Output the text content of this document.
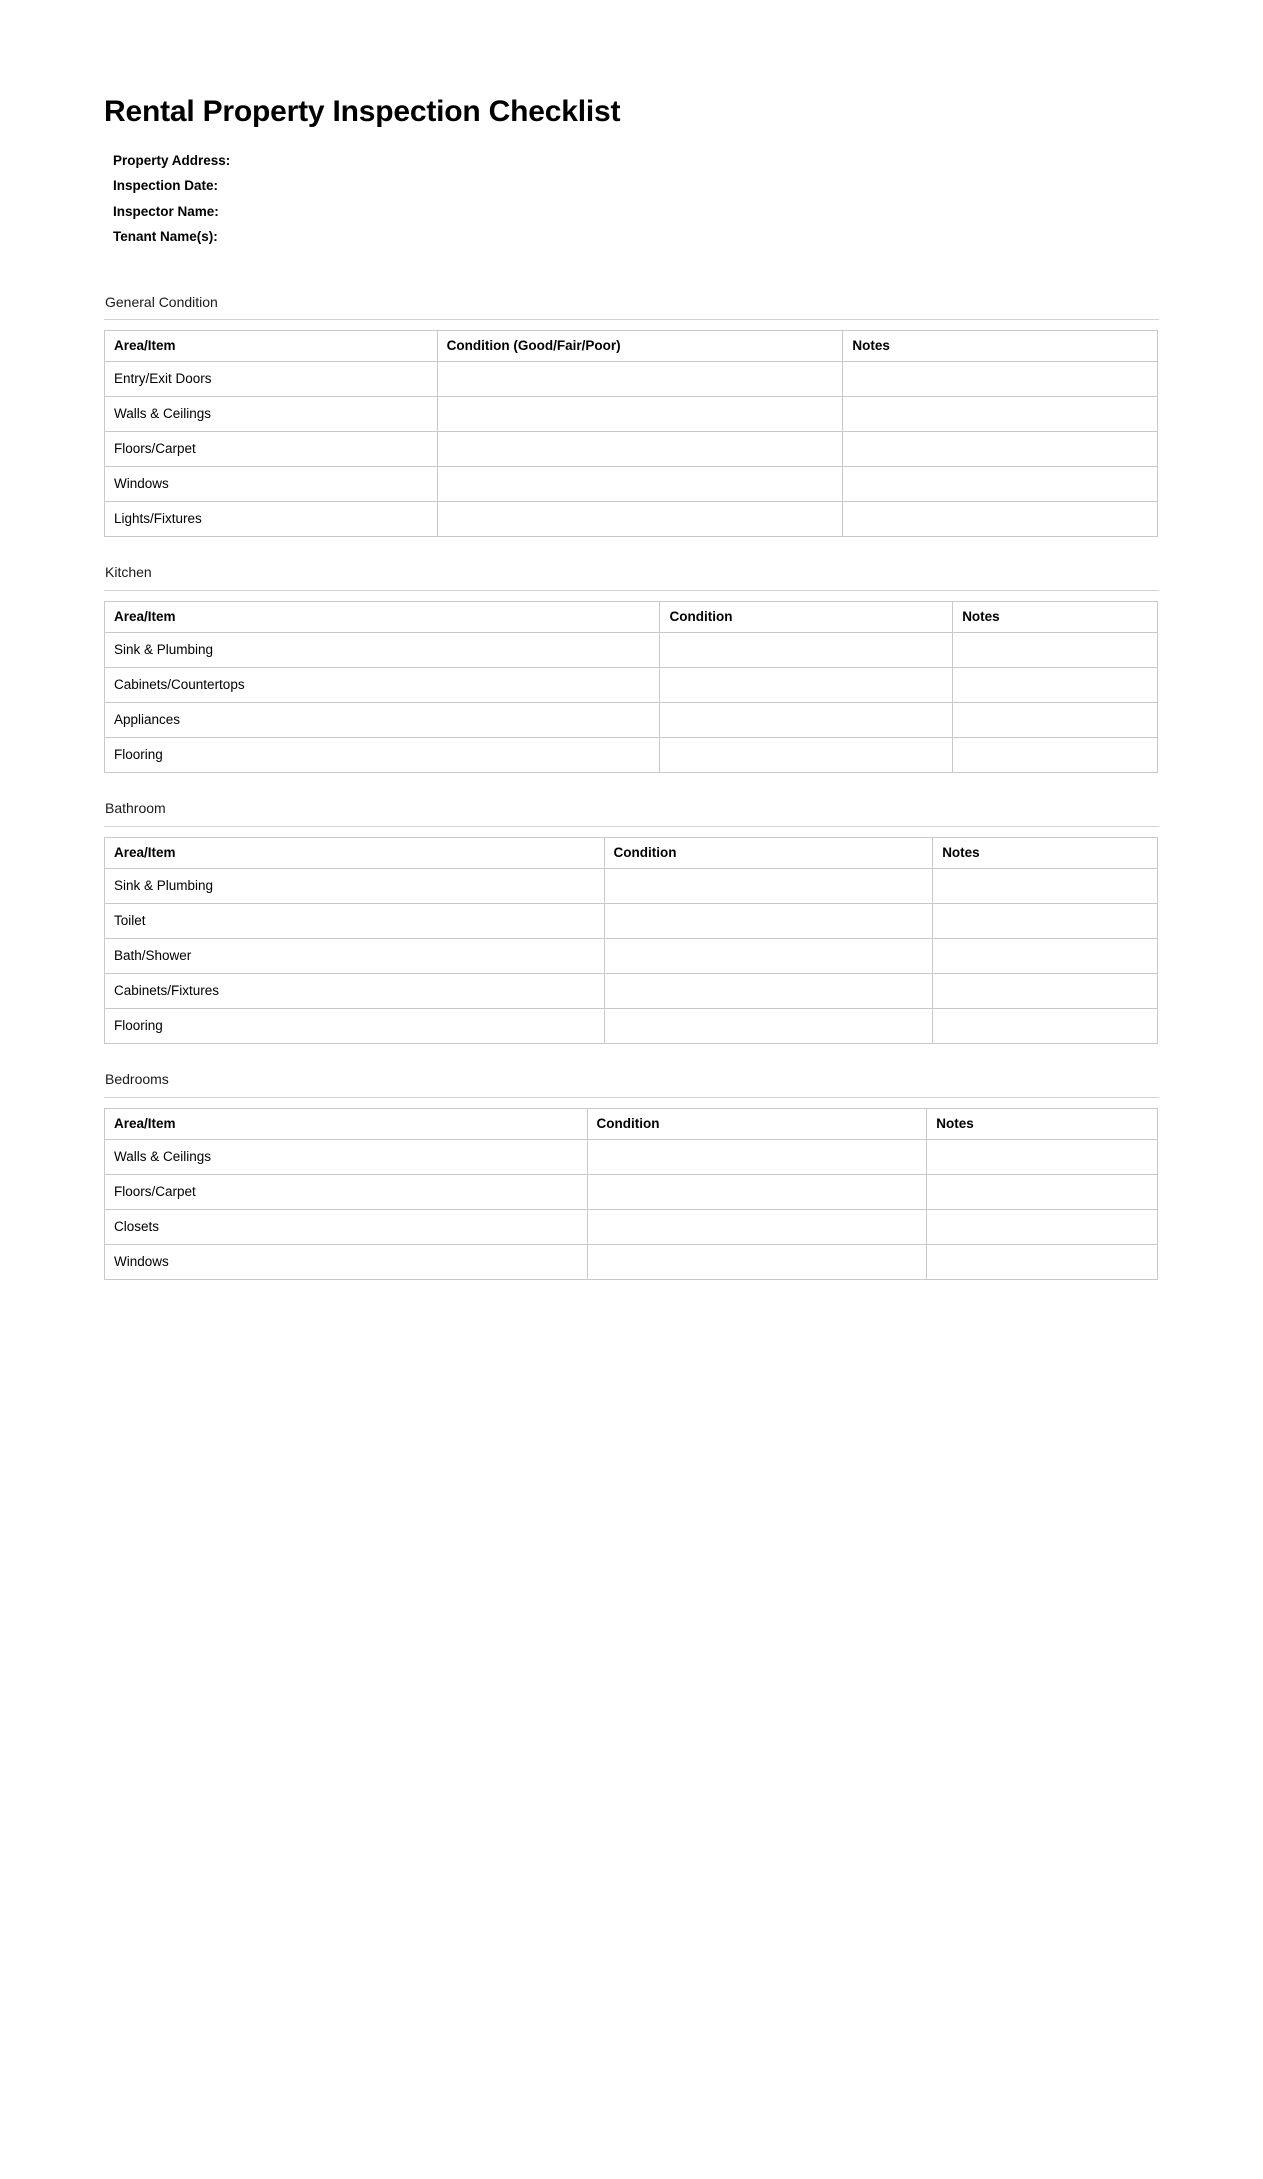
Rental Property Inspection Checklist
Property Address:
Inspection Date:
Inspector Name:
Tenant Name(s):
General Condition
Area/Item	Condition (Good/Fair/Poor)	Notes
Entry/Exit Doors		
Walls & Ceilings		
Floors/Carpet		
Windows		
Lights/Fixtures		
Kitchen
Area/Item	Condition	Notes
Sink & Plumbing		
Cabinets/Countertops		
Appliances		
Flooring		
Bathroom
Area/Item	Condition	Notes
Sink & Plumbing		
Toilet		
Bath/Shower		
Cabinets/Fixtures		
Flooring		
Bedrooms
Area/Item	Condition	Notes
Walls & Ceilings		
Floors/Carpet		
Closets		
Windows		
